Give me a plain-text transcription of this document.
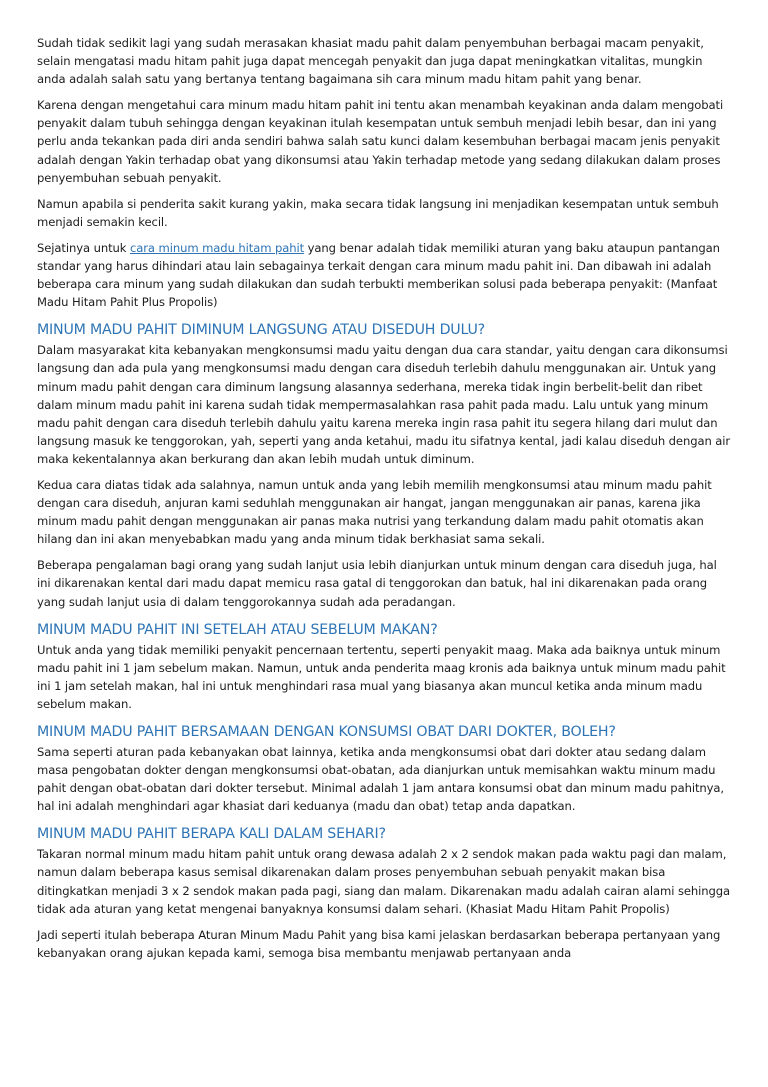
Sudah tidak sedikit lagi yang sudah merasakan khasiat madu pahit dalam penyembuhan berbagai macam penyakit, selain mengatasi madu hitam pahit juga dapat mencegah penyakit dan juga dapat meningkatkan vitalitas, mungkin anda adalah salah satu yang bertanya tentang bagaimana sih cara minum madu hitam pahit yang benar.

Karena dengan mengetahui cara minum madu hitam pahit ini tentu akan menambah keyakinan anda dalam mengobati penyakit dalam tubuh sehingga dengan keyakinan itulah kesempatan untuk sembuh menjadi lebih besar, dan ini yang perlu anda tekankan pada diri anda sendiri bahwa salah satu kunci dalam kesembuhan berbagai macam jenis penyakit adalah dengan Yakin terhadap obat yang dikonsumsi atau Yakin terhadap metode yang sedang dilakukan dalam proses penyembuhan sebuah penyakit.

Namun apabila si penderita sakit kurang yakin, maka secara tidak langsung ini menjadikan kesempatan untuk sembuh menjadi semakin kecil.

Sejatinya untuk cara minum madu hitam pahit yang benar adalah tidak memiliki aturan yang baku ataupun pantangan standar yang harus dihindari atau lain sebagainya terkait dengan cara minum madu pahit ini. Dan dibawah ini adalah beberapa cara minum yang sudah dilakukan dan sudah terbukti memberikan solusi pada beberapa penyakit: (Manfaat Madu Hitam Pahit Plus Propolis)

MINUM MADU PAHIT DIMINUM LANGSUNG ATAU DISEDUH DULU?

Dalam masyarakat kita kebanyakan mengkonsumsi madu yaitu dengan dua cara standar, yaitu dengan cara dikonsumsi langsung dan ada pula yang mengkonsumsi madu dengan cara diseduh terlebih dahulu menggunakan air. Untuk yang minum madu pahit dengan cara diminum langsung alasannya sederhana, mereka tidak ingin berbelit-belit dan ribet dalam minum madu pahit ini karena sudah tidak mempermasalahkan rasa pahit pada madu. Lalu untuk yang minum madu pahit dengan cara diseduh terlebih dahulu yaitu karena mereka ingin rasa pahit itu segera hilang dari mulut dan langsung masuk ke tenggorokan, yah, seperti yang anda ketahui, madu itu sifatnya kental, jadi kalau diseduh dengan air maka kekentalannya akan berkurang dan akan lebih mudah untuk diminum.

Kedua cara diatas tidak ada salahnya, namun untuk anda yang lebih memilih mengkonsumsi atau minum madu pahit dengan cara diseduh, anjuran kami seduhlah menggunakan air hangat, jangan menggunakan air panas, karena jika minum madu pahit dengan menggunakan air panas maka nutrisi yang terkandung dalam madu pahit otomatis akan hilang dan ini akan menyebabkan madu yang anda minum tidak berkhasiat sama sekali.

Beberapa pengalaman bagi orang yang sudah lanjut usia lebih dianjurkan untuk minum dengan cara diseduh juga, hal ini dikarenakan kental dari madu dapat memicu rasa gatal di tenggorokan dan batuk, hal ini dikarenakan pada orang yang sudah lanjut usia di dalam tenggorokannya sudah ada peradangan.

MINUM MADU PAHIT INI SETELAH ATAU SEBELUM MAKAN?

Untuk anda yang tidak memiliki penyakit pencernaan tertentu, seperti penyakit maag. Maka ada baiknya untuk minum madu pahit ini 1 jam sebelum makan. Namun, untuk anda penderita maag kronis ada baiknya untuk minum madu pahit ini 1 jam setelah makan, hal ini untuk menghindari rasa mual yang biasanya akan muncul ketika anda minum madu sebelum makan.

MINUM MADU PAHIT BERSAMAAN DENGAN KONSUMSI OBAT DARI DOKTER, BOLEH?

Sama seperti aturan pada kebanyakan obat lainnya, ketika anda mengkonsumsi obat dari dokter atau sedang dalam masa pengobatan dokter dengan mengkonsumsi obat-obatan, ada dianjurkan untuk memisahkan waktu minum madu pahit dengan obat-obatan dari dokter tersebut. Minimal adalah 1 jam antara konsumsi obat dan minum madu pahitnya, hal ini adalah menghindari agar khasiat dari keduanya (madu dan obat) tetap anda dapatkan.

MINUM MADU PAHIT BERAPA KALI DALAM SEHARI?

Takaran normal minum madu hitam pahit untuk orang dewasa adalah 2 x 2 sendok makan pada waktu pagi dan malam, namun dalam beberapa kasus semisal dikarenakan dalam proses penyembuhan sebuah penyakit makan bisa ditingkatkan menjadi 3 x 2 sendok makan pada pagi, siang dan malam. Dikarenakan madu adalah cairan alami sehingga tidak ada aturan yang ketat mengenai banyaknya konsumsi dalam sehari. (Khasiat Madu Hitam Pahit Propolis)

Jadi seperti itulah beberapa Aturan Minum Madu Pahit yang bisa kami jelaskan berdasarkan beberapa pertanyaan yang kebanyakan orang ajukan kepada kami, semoga bisa membantu menjawab pertanyaan anda
